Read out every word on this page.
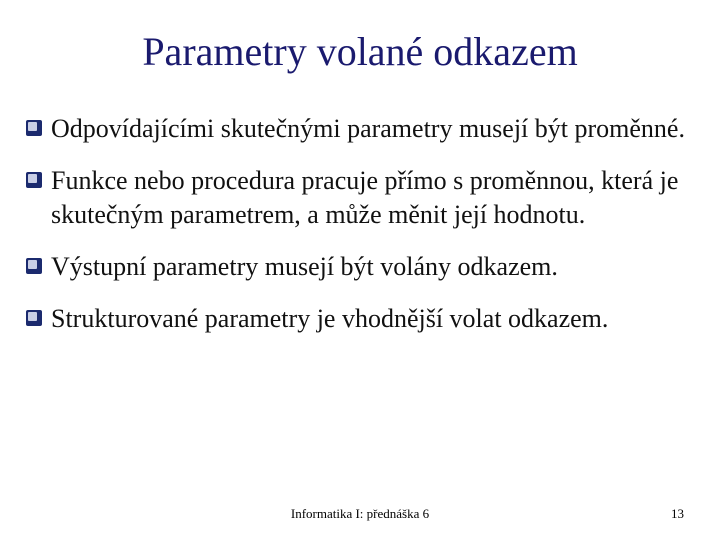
Parametry volané odkazem
Odpovídajícími skutečnými parametry musejí být proměnné.
Funkce nebo procedura pracuje přímo s proměnnou, která je skutečným parametrem, a může měnit její hodnotu.
Výstupní parametry musejí být volány odkazem.
Strukturované parametry je vhodnější volat odkazem.
Informatika I: přednáška 6	13
